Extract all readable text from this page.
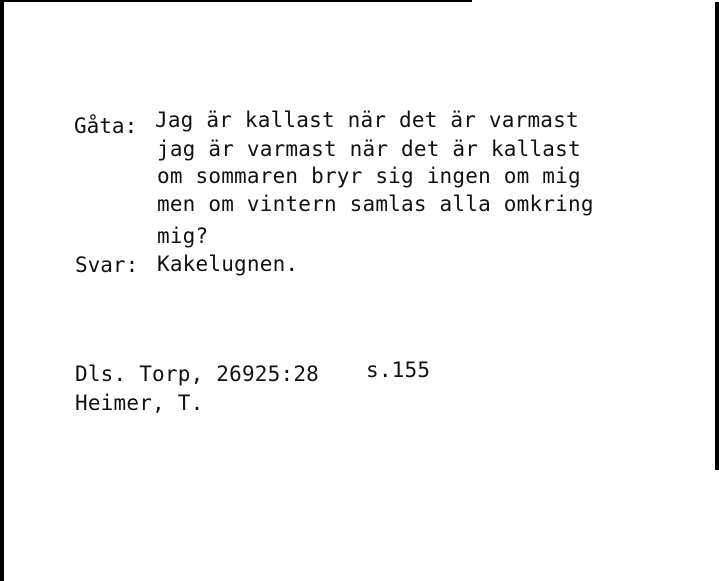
Gåta: Jag är kallast när det är varmast
jag är varmast när det är kallast
om sommaren bryr sig ingen om mig
men om vintern samlas alla omkring
mig?
Svar: Kakelugnen.
Dls. Torp, 26925:28 s.155
Heimer, T.
